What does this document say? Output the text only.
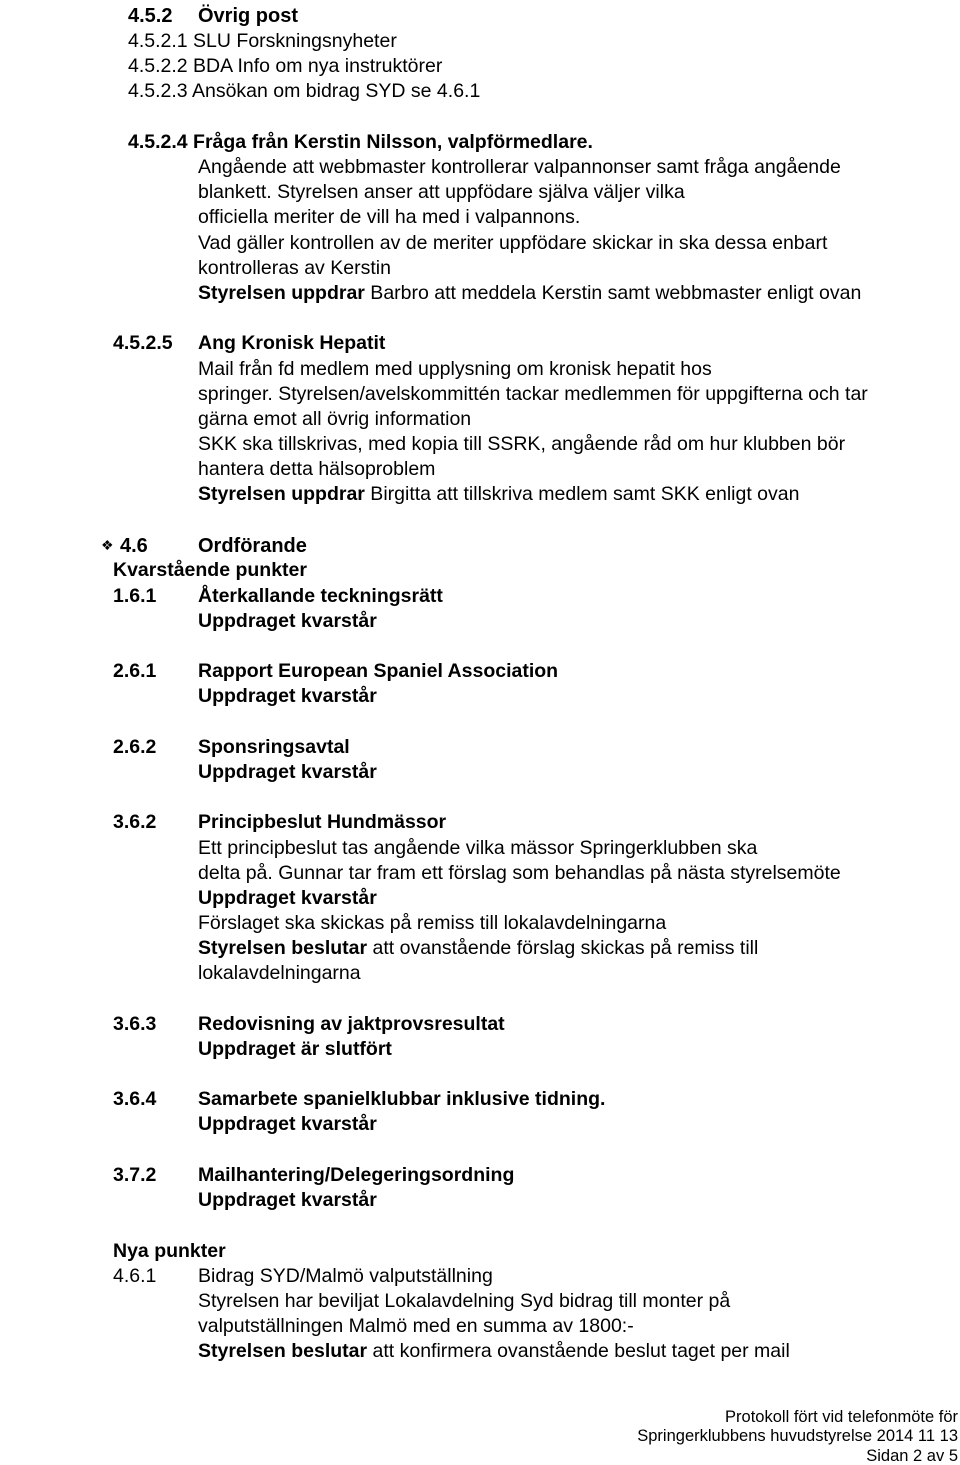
4.5.2 Övrig post
4.5.2.1 SLU Forskningsnyheter
4.5.2.2 BDA Info om nya instruktörer
4.5.2.3 Ansökan om bidrag SYD se 4.6.1
4.5.2.4 Fråga från Kerstin Nilsson, valpförmedlare.
Angående att webbmaster kontrollerar valpannonser samt fråga angående
blankett. Styrelsen anser att uppfödare själva väljer vilka
officiella meriter de vill ha med i valpannons.
Vad gäller kontrollen av de meriter uppfödare skickar in ska dessa enbart
kontrolleras av Kerstin
Styrelsen uppdrar Barbro att meddela Kerstin samt webbmaster enligt ovan
4.5.2.5 Ang Kronisk Hepatit
Mail från fd medlem med upplysning om kronisk hepatit hos
springer. Styrelsen/avelskommittén tackar medlemmen för uppgifterna och tar
gärna emot all övrig information
SKK ska tillskrivas, med kopia till SSRK, angående råd om hur klubben bör
hantera detta hälsoproblem
Styrelsen uppdrar Birgitta att tillskriva medlem samt SKK enligt ovan
❖ 4.6	Ordförande
Kvarstående punkter
1.6.1 Återkallande teckningsrätt
Uppdraget kvarstår
2.6.1 Rapport European Spaniel Association
Uppdraget kvarstår
2.6.2 Sponsringsavtal
Uppdraget kvarstår
3.6.2 Principbeslut Hundmässor
Ett principbeslut tas angående vilka mässor Springerklubben ska
delta på. Gunnar tar fram ett förslag som behandlas på nästa styrelsemöte
Uppdraget kvarstår
Förslaget ska skickas på remiss till lokalavdelningarna
Styrelsen beslutar att ovanstående förslag skickas på remiss till
lokalavdelningarna
3.6.3 Redovisning av jaktprovsresultat
Uppdraget är slutfört
3.6.4 Samarbete spanielklubbar inklusive tidning.
Uppdraget kvarstår
3.7.2 Mailhantering/Delegeringsordning
Uppdraget kvarstår
Nya punkter
4.6.1 Bidrag SYD/Malmö valputställning
Styrelsen har beviljat Lokalavdelning Syd bidrag till monter på
valputställningen Malmö med en summa av 1800:-
Styrelsen beslutar att konfirmera ovanstående beslut taget per mail
Protokoll fört vid telefonmöte för
Springerklubbens huvudstyrelse 2014 11 13
Sidan 2 av 5
